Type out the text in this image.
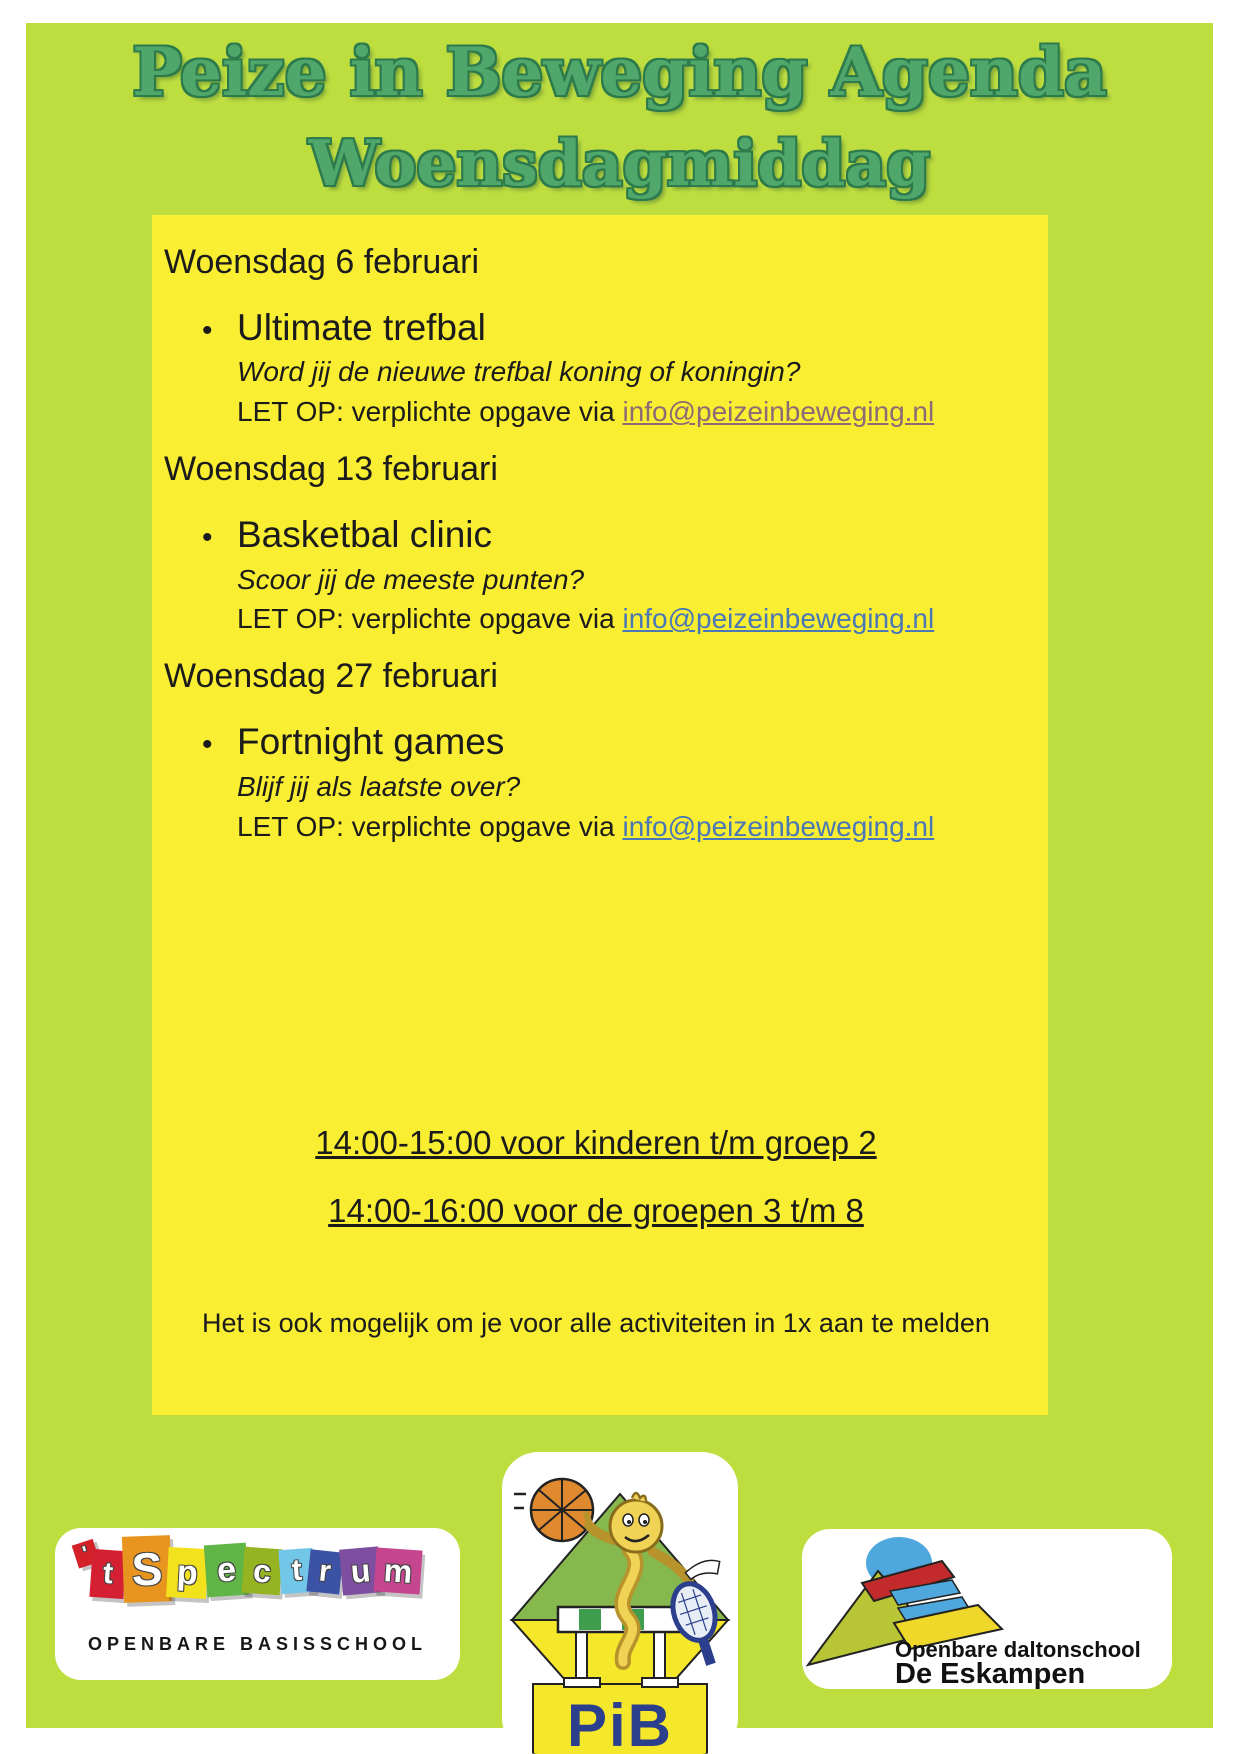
Peize in Beweging Agenda
Woensdagmiddag
Woensdag 6 februari
• Ultimate trefbal
Word jij de nieuwe trefbal koning of koningin?
LET OP: verplichte opgave via info@peizeinbeweging.nl
Woensdag 13 februari
• Basketbal clinic
Scoor jij de meeste punten?
LET OP: verplichte opgave via info@peizeinbeweging.nl
Woensdag 27 februari
• Fortnight games
Blijf jij als laatste over?
LET OP: verplichte opgave via info@peizeinbeweging.nl
14:00-15:00 voor kinderen t/m groep 2
14:00-16:00 voor de groepen 3 t/m 8
Het is ook mogelijk om je voor alle activiteiten in 1x aan te melden
'
t S p e c t r u m
OPENBARE BASISSCHOOL
PiB
Openbare daltonschool
De Eskampen
